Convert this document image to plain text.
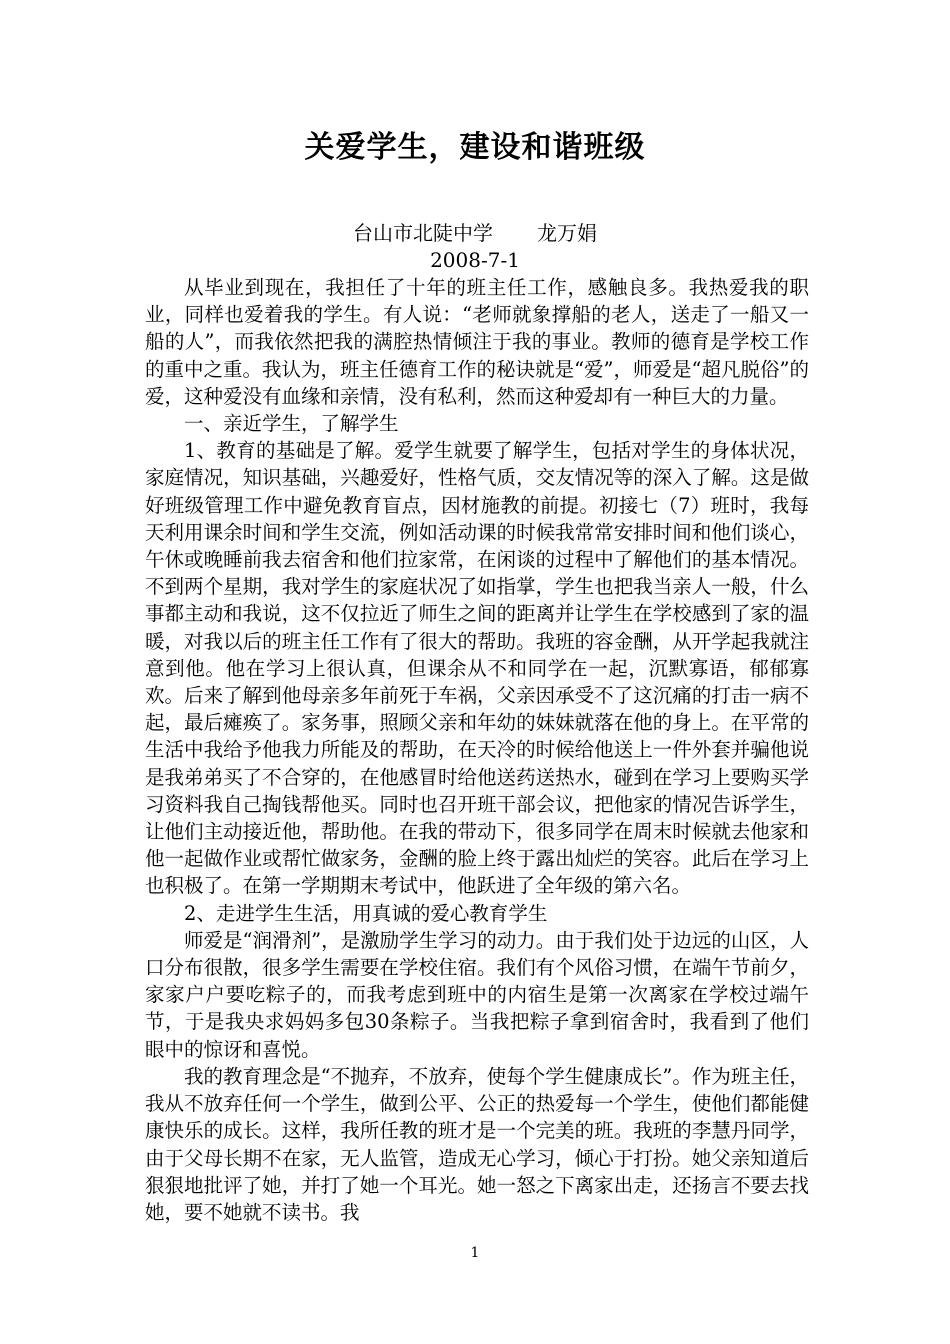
关爱学生，建设和谐班级

台山市北陡中学 龙万娟

2008-7-1

从毕业到现在，我担任了十年的班主任工作，感触良多。我热爱我的职业，同样也爱着我的学生。有人说：“老师就象撑船的老人，送走了一船又一船的人”，而我依然把我的满腔热情倾注于我的事业。教师的德育是学校工作的重中之重。我认为，班主任德育工作的秘诀就是“爱”，师爱是“超凡脱俗”的爱，这种爱没有血缘和亲情，没有私利，然而这种爱却有一种巨大的力量。

一、亲近学生，了解学生

1、教育的基础是了解。爱学生就要了解学生，包括对学生的身体状况，家庭情况，知识基础，兴趣爱好，性格气质，交友情况等的深入了解。这是做好班级管理工作中避免教育盲点，因材施教的前提。初接七（7）班时，我每天利用课余时间和学生交流，例如活动课的时候我常常安排时间和他们谈心，午休或晚睡前我去宿舍和他们拉家常，在闲谈的过程中了解他们的基本情况。不到两个星期，我对学生的家庭状况了如指掌，学生也把我当亲人一般，什么事都主动和我说，这不仅拉近了师生之间的距离并让学生在学校感到了家的温暖，对我以后的班主任工作有了很大的帮助。我班的容金酬，从开学起我就注意到他。他在学习上很认真，但课余从不和同学在一起，沉默寡语，郁郁寡欢。后来了解到他母亲多年前死于车祸，父亲因承受不了这沉痛的打击一病不起，最后瘫痪了。家务事，照顾父亲和年幼的妹妹就落在他的身上。在平常的生活中我给予他我力所能及的帮助，在天冷的时候给他送上一件外套并骗他说是我弟弟买了不合穿的，在他感冒时给他送药送热水，碰到在学习上要购买学习资料我自己掏钱帮他买。同时也召开班干部会议，把他家的情况告诉学生，让他们主动接近他，帮助他。在我的带动下，很多同学在周末时候就去他家和他一起做作业或帮忙做家务，金酬的脸上终于露出灿烂的笑容。此后在学习上也积极了。在第一学期期末考试中，他跃进了全年级的第六名。

2、走进学生生活，用真诚的爱心教育学生

师爱是“润滑剂”，是激励学生学习的动力。由于我们处于边远的山区，人口分布很散，很多学生需要在学校住宿。我们有个风俗习惯，在端午节前夕，家家户户要吃粽子的，而我考虑到班中的内宿生是第一次离家在学校过端午节，于是我央求妈妈多包30条粽子。当我把粽子拿到宿舍时，我看到了他们眼中的惊讶和喜悦。

我的教育理念是“不抛弃，不放弃，使每个学生健康成长”。作为班主任，我从不放弃任何一个学生，做到公平、公正的热爱每一个学生，使他们都能健康快乐的成长。这样，我所任教的班才是一个完美的班。我班的李慧丹同学，由于父母长期不在家，无人监管，造成无心学习，倾心于打扮。她父亲知道后狠狠地批评了她，并打了她一个耳光。她一怒之下离家出走，还扬言不要去找她，要不她就不读书。我

1
